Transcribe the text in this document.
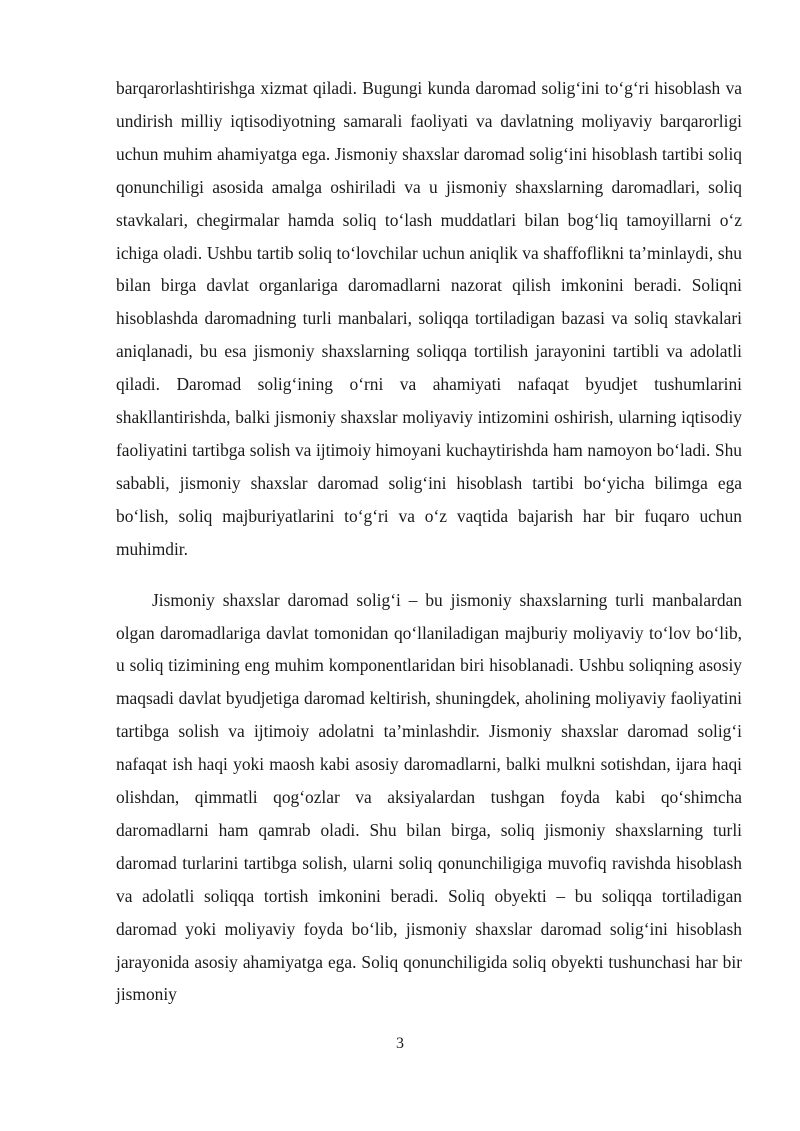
barqarorlashtirishga xizmat qiladi. Bugungi kunda daromad solig‘ini to‘g‘ri hisoblash va undirish milliy iqtisodiyotning samarali faoliyati va davlatning moliyaviy barqarorligi uchun muhim ahamiyatga ega. Jismoniy shaxslar daromad solig‘ini hisoblash tartibi soliq qonunchiligi asosida amalga oshiriladi va u jismoniy shaxslarning daromadlari, soliq stavkalari, chegirmalar hamda soliq to‘lash muddatlari bilan bog‘liq tamoyillarni o‘z ichiga oladi. Ushbu tartib soliq to‘lovchilar uchun aniqlik va shaffoflikni ta’minlaydi, shu bilan birga davlat organlariga daromadlarni nazorat qilish imkonini beradi. Soliqni hisoblashda daromadning turli manbalari, soliqqa tortiladigan bazasi va soliq stavkalari aniqlanadi, bu esa jismoniy shaxslarning soliqqa tortilish jarayonini tartibli va adolatli qiladi. Daromad solig‘ining o‘rni va ahamiyati nafaqat byudjet tushumlarini shakllantirishda, balki jismoniy shaxslar moliyaviy intizomini oshirish, ularning iqtisodiy faoliyatini tartibga solish va ijtimoiy himoyani kuchaytirishda ham namoyon bo‘ladi. Shu sababli, jismoniy shaxslar daromad solig‘ini hisoblash tartibi bo‘yicha bilimga ega bo‘lish, soliq majburiyatlarini to‘g‘ri va o‘z vaqtida bajarish har bir fuqaro uchun muhimdir.

Jismoniy shaxslar daromad solig‘i – bu jismoniy shaxslarning turli manbalardan olgan daromadlariga davlat tomonidan qo‘llaniladigan majburiy moliyaviy to‘lov bo‘lib, u soliq tizimining eng muhim komponentlaridan biri hisoblanadi. Ushbu soliqning asosiy maqsadi davlat byudjetiga daromad keltirish, shuningdek, aholining moliyaviy faoliyatini tartibga solish va ijtimoiy adolatni ta’minlashdir. Jismoniy shaxslar daromad solig‘i nafaqat ish haqi yoki maosh kabi asosiy daromadlarni, balki mulkni sotishdan, ijara haqi olishdan, qimmatli qog‘ozlar va aksiyalardan tushgan foyda kabi qo‘shimcha daromadlarni ham qamrab oladi. Shu bilan birga, soliq jismoniy shaxslarning turli daromad turlarini tartibga solish, ularni soliq qonunchiligiga muvofiq ravishda hisoblash va adolatli soliqqa tortish imkonini beradi. Soliq obyekti – bu soliqqa tortiladigan daromad yoki moliyaviy foyda bo‘lib, jismoniy shaxslar daromad solig‘ini hisoblash jarayonida asosiy ahamiyatga ega. Soliq qonunchiligida soliq obyekti tushunchasi har bir jismoniy

3
